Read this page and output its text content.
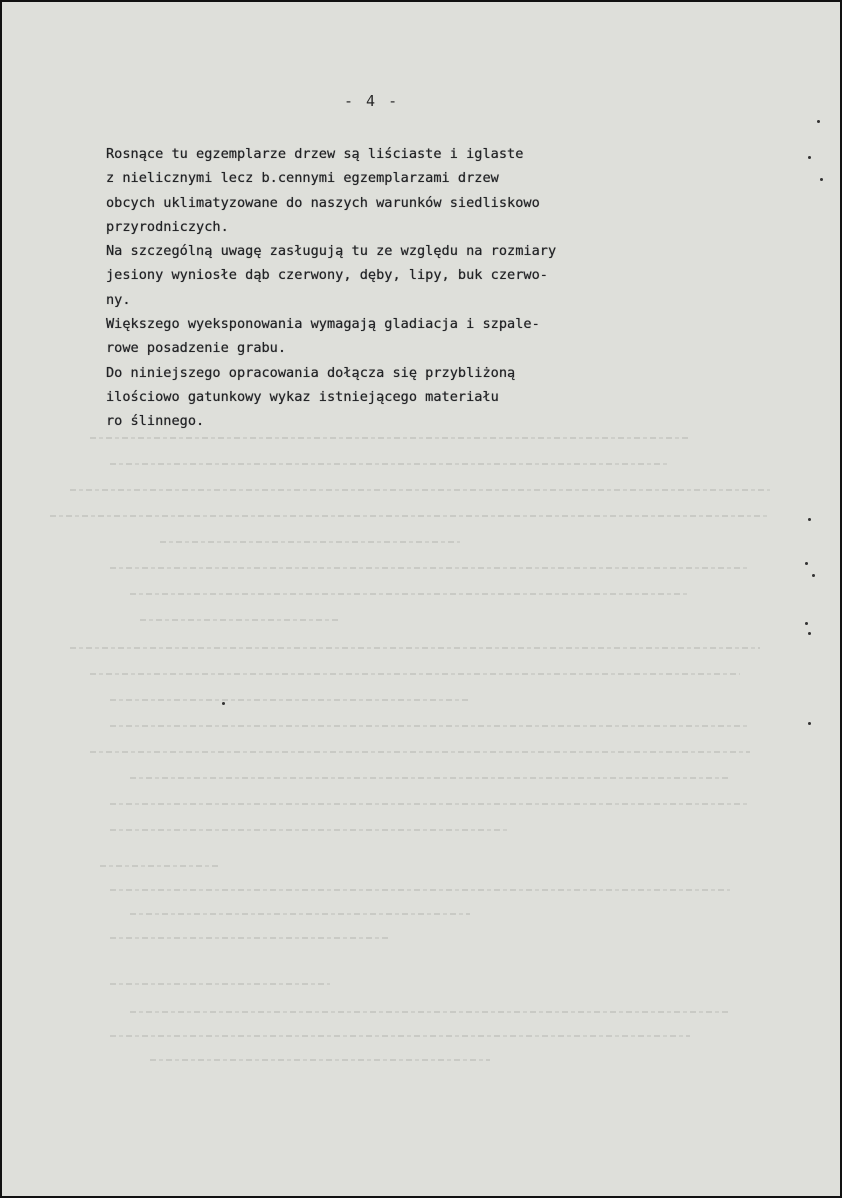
- 4 -

Rosnące tu egzemplarze drzew są liściaste i iglaste
z nielicznymi lecz b.cennymi egzemplarzami drzew
obcych uklimatyzowane do naszych warunków siedliskowo
przyrodniczych.
Na szczególną uwagę zasługują tu ze względu na rozmiary
jesiony wyniosłe dąb czerwony, dęby, lipy, buk czerwo-
ny.
Większego wyeksponowania wymagają gladiacja i szpale-
rowe posadzenie grabu.
Do niniejszego opracowania dołącza się przybliżoną
ilościowo gatunkowy wykaz istniejącego materiału
ro ślinnego.
